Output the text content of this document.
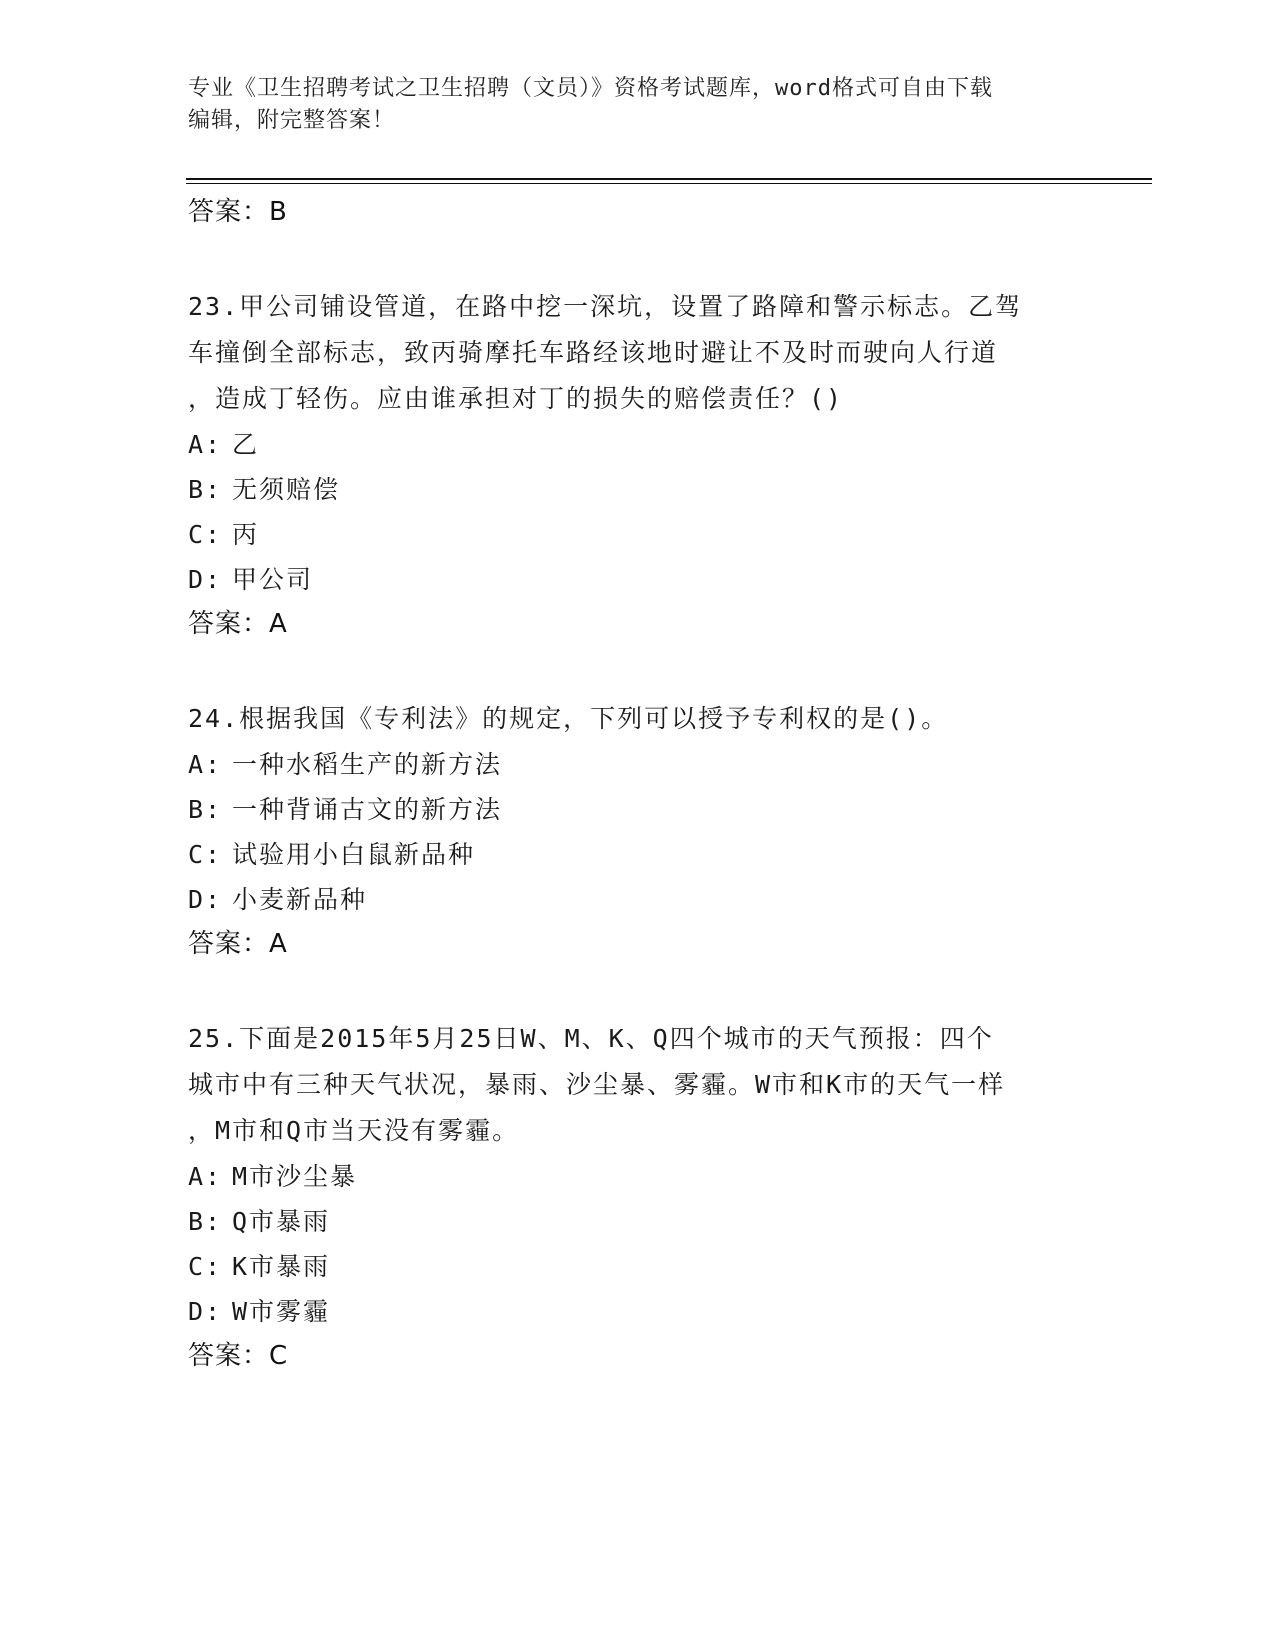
专业《卫生招聘考试之卫生招聘（文员）》资格考试题库，word格式可自由下载
编辑，附完整答案！
答案：B
23.甲公司铺设管道，在路中挖一深坑，设置了路障和警示标志。乙驾
车撞倒全部标志，致丙骑摩托车路经该地时避让不及时而驶向人行道
，造成丁轻伤。应由谁承担对丁的损失的赔偿责任？()
A: 乙
B: 无须赔偿
C: 丙
D: 甲公司
答案：A
24.根据我国《专利法》的规定，下列可以授予专利权的是()。
A: 一种水稻生产的新方法
B: 一种背诵古文的新方法
C: 试验用小白鼠新品种
D: 小麦新品种
答案：A
25.下面是2015年5月25日W、M、K、Q四个城市的天气预报：四个
城市中有三种天气状况，暴雨、沙尘暴、雾霾。W市和K市的天气一样
，M市和Q市当天没有雾霾。
A: M市沙尘暴
B: Q市暴雨
C: K市暴雨
D: W市雾霾
答案：C
